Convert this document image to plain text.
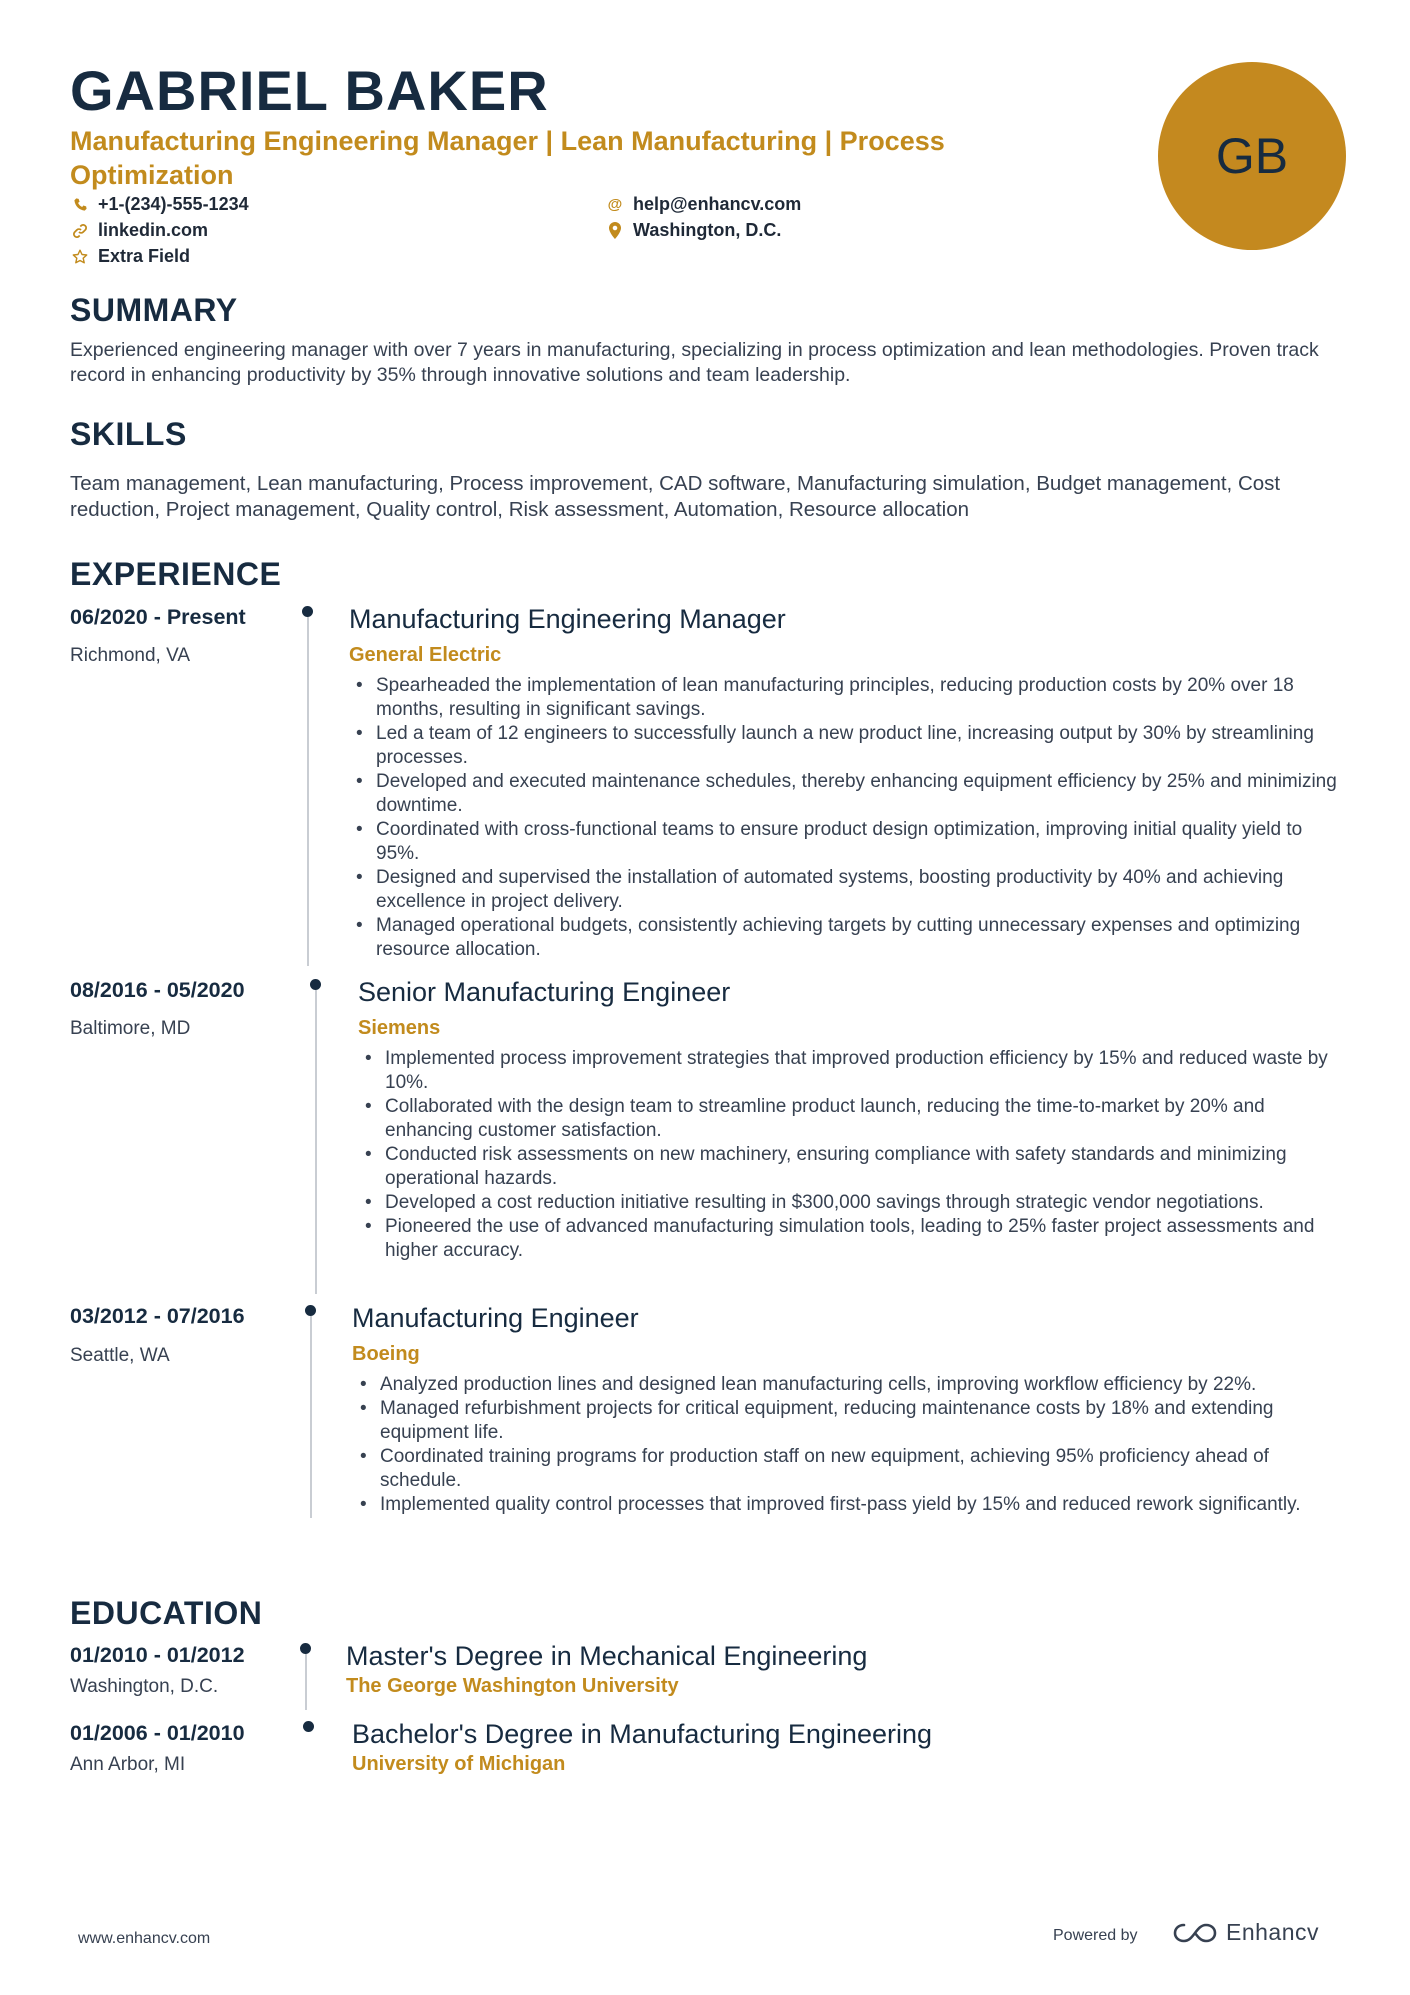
GABRIEL BAKER
Manufacturing Engineering Manager | Lean Manufacturing | Process Optimization	GB
+1-(234)-555-1234	@ help@enhancv.com
linkedin.com	Washington, D.C.
Extra Field
SUMMARY
Experienced engineering manager with over 7 years in manufacturing, specializing in process optimization and lean methodologies. Proven track record in enhancing productivity by 35% through innovative solutions and team leadership.
SKILLS
Team management, Lean manufacturing, Process improvement, CAD software, Manufacturing simulation, Budget management, Cost reduction, Project management, Quality control, Risk assessment, Automation, Resource allocation
EXPERIENCE
06/2020 - Present
Richmond, VA
Manufacturing Engineering Manager
General Electric
• Spearheaded the implementation of lean manufacturing principles, reducing production costs by 20% over 18 months, resulting in significant savings.
• Led a team of 12 engineers to successfully launch a new product line, increasing output by 30% by streamlining processes.
• Developed and executed maintenance schedules, thereby enhancing equipment efficiency by 25% and minimizing downtime.
• Coordinated with cross-functional teams to ensure product design optimization, improving initial quality yield to 95%.
• Designed and supervised the installation of automated systems, boosting productivity by 40% and achieving excellence in project delivery.
• Managed operational budgets, consistently achieving targets by cutting unnecessary expenses and optimizing resource allocation.
08/2016 - 05/2020
Baltimore, MD
Senior Manufacturing Engineer
Siemens
• Implemented process improvement strategies that improved production efficiency by 15% and reduced waste by 10%.
• Collaborated with the design team to streamline product launch, reducing the time-to-market by 20% and enhancing customer satisfaction.
• Conducted risk assessments on new machinery, ensuring compliance with safety standards and minimizing operational hazards.
• Developed a cost reduction initiative resulting in $300,000 savings through strategic vendor negotiations.
• Pioneered the use of advanced manufacturing simulation tools, leading to 25% faster project assessments and higher accuracy.
03/2012 - 07/2016
Seattle, WA
Manufacturing Engineer
Boeing
• Analyzed production lines and designed lean manufacturing cells, improving workflow efficiency by 22%.
• Managed refurbishment projects for critical equipment, reducing maintenance costs by 18% and extending equipment life.
• Coordinated training programs for production staff on new equipment, achieving 95% proficiency ahead of schedule.
• Implemented quality control processes that improved first-pass yield by 15% and reduced rework significantly.
EDUCATION
01/2010 - 01/2012
Washington, D.C.
Master's Degree in Mechanical Engineering
The George Washington University
01/2006 - 01/2010
Ann Arbor, MI
Bachelor's Degree in Manufacturing Engineering
University of Michigan
www.enhancv.com	Powered by	Enhancv
